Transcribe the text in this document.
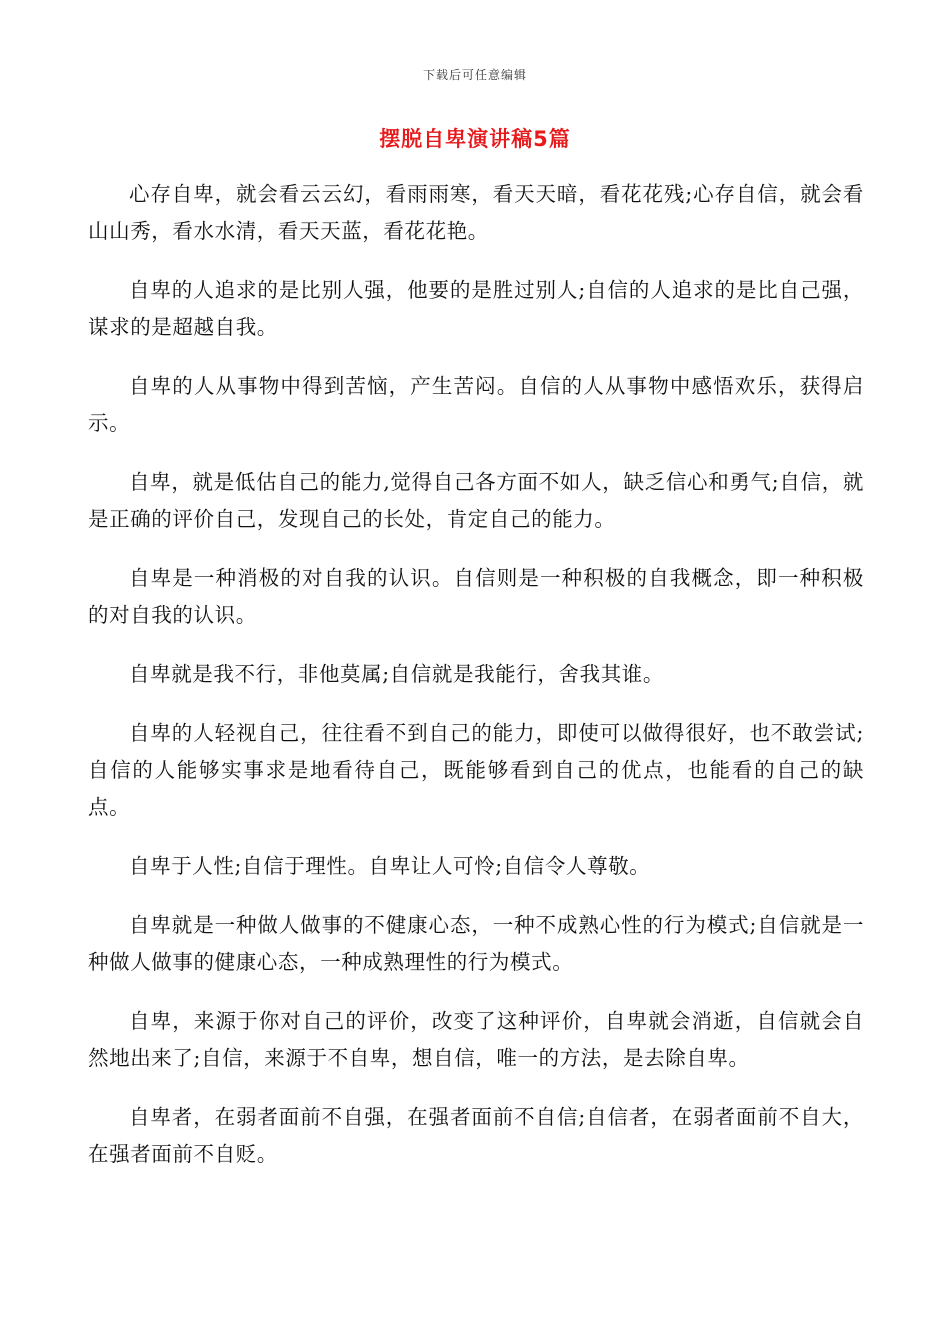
下载后可任意编辑
摆脱自卑演讲稿5篇

心存自卑，就会看云云幻，看雨雨寒，看天天暗，看花花残;心存自信，就会看山山秀，看水水清，看天天蓝，看花花艳。

自卑的人追求的是比别人强，他要的是胜过别人;自信的人追求的是比自己强，谋求的是超越自我。

自卑的人从事物中得到苦恼，产生苦闷。自信的人从事物中感悟欢乐，获得启示。

自卑，就是低估自己的能力,觉得自己各方面不如人，缺乏信心和勇气;自信，就是正确的评价自己，发现自己的长处，肯定自己的能力。

自卑是一种消极的对自我的认识。自信则是一种积极的自我概念，即一种积极的对自我的认识。

自卑就是我不行，非他莫属;自信就是我能行，舍我其谁。

自卑的人轻视自己，往往看不到自己的能力，即使可以做得很好，也不敢尝试;自信的人能够实事求是地看待自己，既能够看到自己的优点，也能看的自己的缺点。

自卑于人性;自信于理性。自卑让人可怜;自信令人尊敬。

自卑就是一种做人做事的不健康心态，一种不成熟心性的行为模式;自信就是一种做人做事的健康心态，一种成熟理性的行为模式。

自卑，来源于你对自己的评价，改变了这种评价，自卑就会消逝，自信就会自然地出来了;自信，来源于不自卑，想自信，唯一的方法，是去除自卑。

自卑者，在弱者面前不自强，在强者面前不自信;自信者，在弱者面前不自大，在强者面前不自贬。
